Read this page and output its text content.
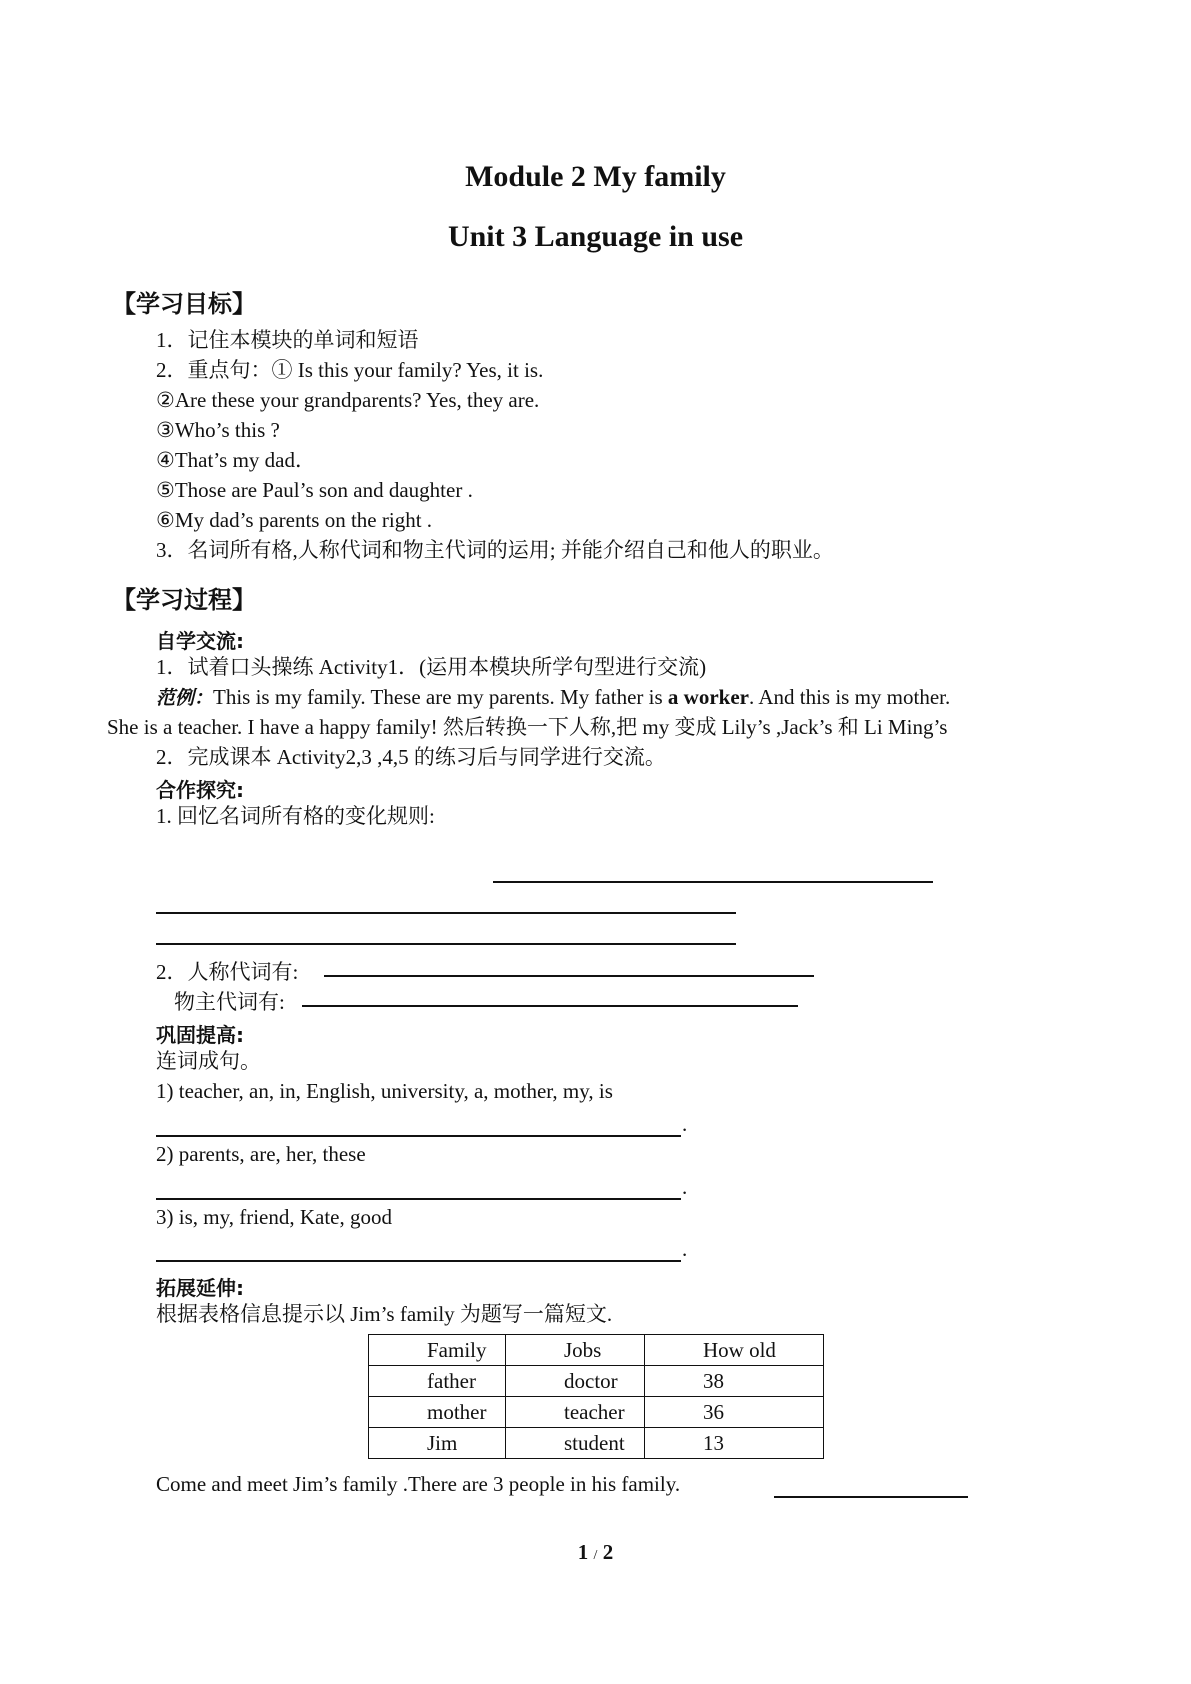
Module 2 My family
Unit 3 Language in use
【学习目标】
1．记住本模块的单词和短语
2．重点句：① Is this your family? Yes, it is.
②Are these your grandparents? Yes, they are.
③Who’s this ?
④That’s my dad．
⑤Those are Paul’s son and daughter .
⑥My dad’s parents on the right .
3．名词所有格,人称代词和物主代词的运用; 并能介绍自己和他人的职业。
【学习过程】
自学交流:
1．试着口头操练 Activity1．(运用本模块所学句型进行交流)
范例：This is my family. These are my parents. My father is a worker. And this is my mother.
She is a teacher. I have a happy family! 然后转换一下人称,把 my 变成 Lily’s ,Jack’s 和 Li Ming’s
2．完成课本 Activity2,3 ,4,5 的练习后与同学进行交流。
合作探究:
1. 回忆名词所有格的变化规则:
2．人称代词有:
物主代词有:
巩固提高:
连词成句。
1) teacher, an, in, English, university, a, mother, my, is
.
2) parents, are, her, these
.
3) is, my, friend, Kate, good
.
拓展延伸:
根据表格信息提示以 Jim’s family 为题写一篇短文.
Family	Jobs	How old
father	doctor	38
mother	teacher	36
Jim	student	13
Come and meet Jim’s family .There are 3 people in his family.
1 / 2
